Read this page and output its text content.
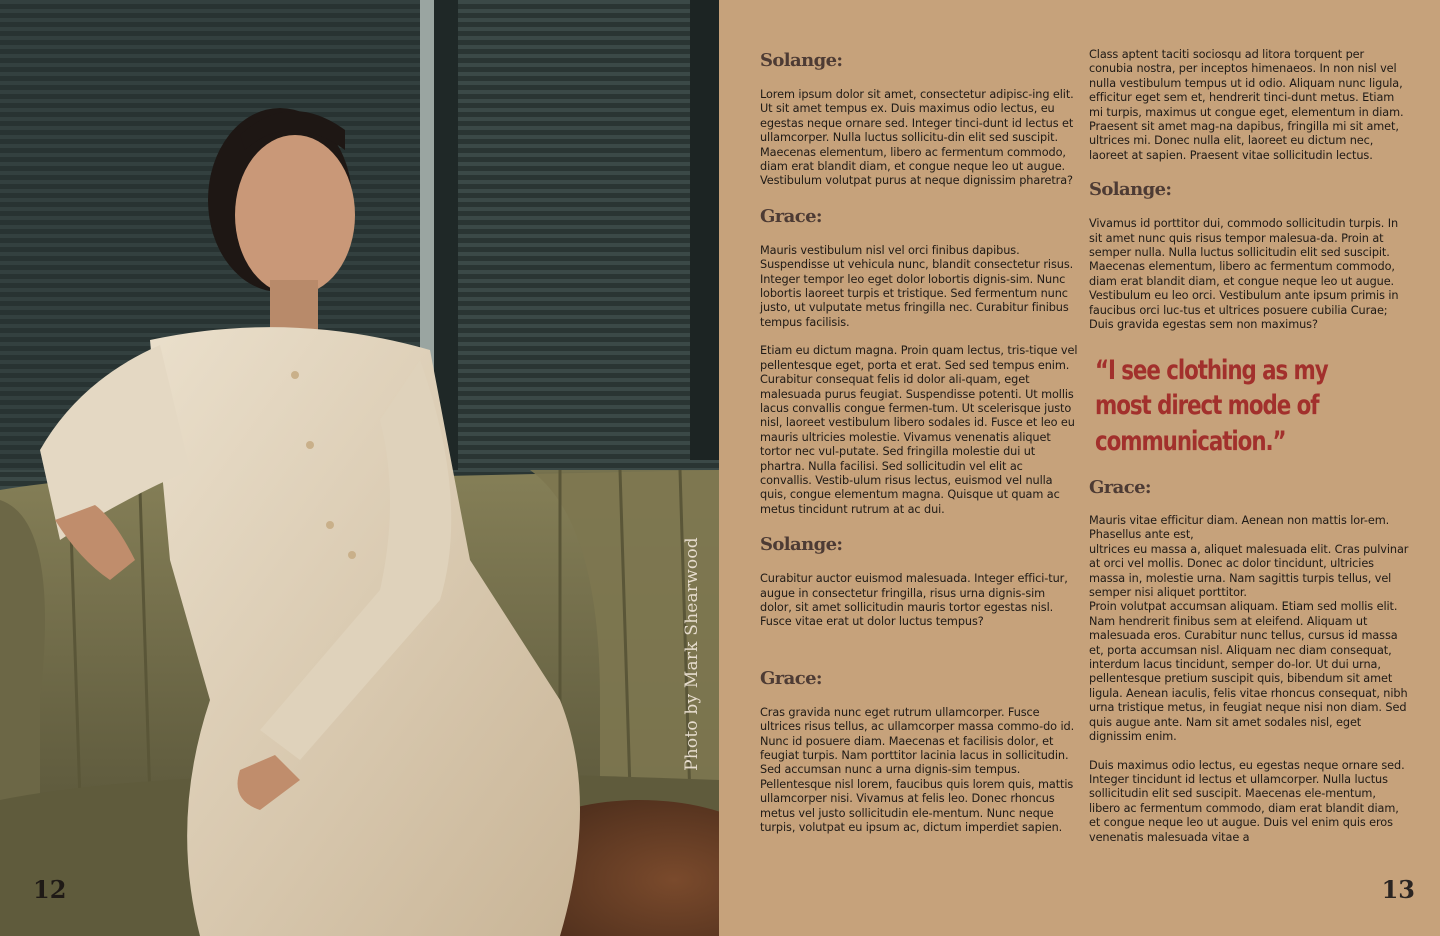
Photo by Mark Shearwood
12
Solange:

Lorem ipsum dolor sit amet, consectetur adipisc-ing elit. Ut sit amet tempus ex. Duis maximus odio lectus, eu egestas neque ornare sed. Integer tinci-dunt id lectus et ullamcorper. Nulla luctus sollicitu-din elit sed suscipit. Maecenas elementum, libero ac fermentum commodo, diam erat blandit diam, et congue neque leo ut augue. Vestibulum volutpat purus at neque dignissim pharetra?

Grace:

Mauris vestibulum nisl vel orci finibus dapibus. Suspendisse ut vehicula nunc, blandit consectetur risus. Integer tempor leo eget dolor lobortis dignis-sim. Nunc lobortis laoreet turpis et tristique. Sed fermentum nunc justo, ut vulputate metus fringilla nec. Curabitur finibus tempus facilisis.

Etiam eu dictum magna. Proin quam lectus, tris-tique vel pellentesque eget, porta et erat. Sed sed tempus enim. Curabitur consequat felis id dolor ali-quam, eget malesuada purus feugiat. Suspendisse potenti. Ut mollis lacus convallis congue fermen-tum. Ut scelerisque justo nisl, laoreet vestibulum libero sodales id. Fusce et leo eu mauris ultricies molestie. Vivamus venenatis aliquet tortor nec vul-putate. Sed fringilla molestie dui ut phartra. Nulla facilisi. Sed sollicitudin vel elit ac convallis. Vestib-ulum risus lectus, euismod vel nulla quis, congue elementum magna. Quisque ut quam ac metus tincidunt rutrum at ac dui.

Solange:

Curabitur auctor euismod malesuada. Integer effici-tur, augue in consectetur fringilla, risus urna dignis-sim dolor, sit amet sollicitudin mauris tortor egestas nisl. Fusce vitae erat ut dolor luctus tempus?

Grace:

Cras gravida nunc eget rutrum ullamcorper. Fusce ultrices risus tellus, ac ullamcorper massa commo-do id. Nunc id posuere diam. Maecenas et facilisis dolor, et feugiat turpis. Nam porttitor lacinia lacus in sollicitudin. Sed accumsan nunc a urna dignis-sim tempus. Pellentesque nisl lorem, faucibus quis lorem quis, mattis ullamcorper nisi. Vivamus at felis leo. Donec rhoncus metus vel justo sollicitudin ele-mentum. Nunc neque turpis, volutpat eu ipsum ac, dictum imperdiet sapien.

Class aptent taciti sociosqu ad litora torquent per conubia nostra, per inceptos himenaeos. In non nisl vel nulla vestibulum tempus ut id odio. Aliquam nunc ligula, efficitur eget sem et, hendrerit tinci-dunt metus. Etiam mi turpis, maximus ut congue eget, elementum in diam. Praesent sit amet mag-na dapibus, fringilla mi sit amet, ultrices mi. Donec nulla elit, laoreet eu dictum nec, laoreet at sapien. Praesent vitae sollicitudin lectus.

Solange:

Vivamus id porttitor dui, commodo sollicitudin turpis. In sit amet nunc quis risus tempor malesua-da. Proin at semper nulla. Nulla luctus sollicitudin elit sed suscipit. Maecenas elementum, libero ac fermentum commodo, diam erat blandit diam, et congue neque leo ut augue. Vestibulum eu leo orci. Vestibulum ante ipsum primis in faucibus orci luc-tus et ultrices posuere cubilia Curae; Duis gravida egestas sem non maximus?

“I see clothing as my most direct mode of communication.”

Grace:

Mauris vitae efficitur diam. Aenean non mattis lor-em. Phasellus ante est,
ultrices eu massa a, aliquet malesuada elit. Cras pulvinar at orci vel mollis. Donec ac dolor tincidunt, ultricies massa in, molestie urna. Nam sagittis turpis tellus, vel semper nisi aliquet porttitor.
Proin volutpat accumsan aliquam. Etiam sed mollis elit. Nam hendrerit finibus sem at eleifend. Aliquam ut malesuada eros. Curabitur nunc tellus, cursus id massa et, porta accumsan nisl. Aliquam nec diam consequat, interdum lacus tincidunt, semper do-lor. Ut dui urna, pellentesque pretium suscipit quis, bibendum sit amet ligula. Aenean iaculis, felis vitae rhoncus consequat, nibh urna tristique metus, in feugiat neque nisi non diam. Sed quis augue ante. Nam sit amet sodales nisl, eget dignissim enim.

Duis maximus odio lectus, eu egestas neque ornare sed. Integer tincidunt id lectus et ullamcorper. Nulla luctus sollicitudin elit sed suscipit. Maecenas ele-mentum, libero ac fermentum commodo, diam erat blandit diam, et congue neque leo ut augue. Duis vel enim quis eros venenatis malesuada vitae a

13
